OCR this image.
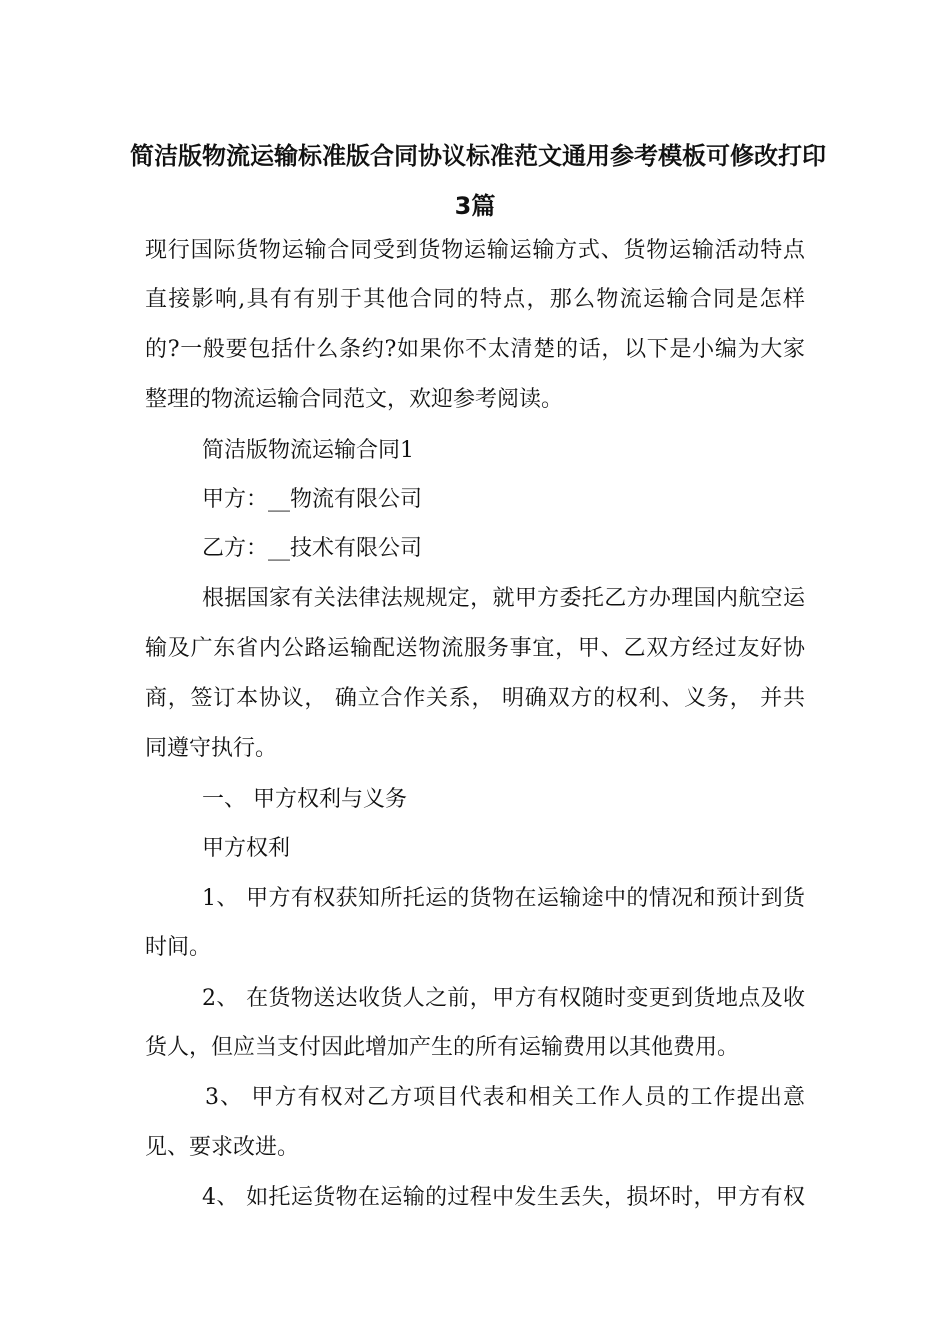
简洁版物流运输标准版合同协议标准范文通用参考模板可修改打印
3篇
现行国际货物运输合同受到货物运输运输方式、货物运输活动特点
直接影响,具有有别于其他合同的特点，那么物流运输合同是怎样
的?一般要包括什么条约?如果你不太清楚的话，以下是小编为大家
整理的物流运输合同范文，欢迎参考阅读。
简洁版物流运输合同1
甲方：__物流有限公司
乙方：__技术有限公司
根据国家有关法律法规规定，就甲方委托乙方办理国内航空运
输及广东省内公路运输配送物流服务事宜，甲、乙双方经过友好协
商，签订本协议， 确立合作关系， 明确双方的权利、义务， 并共
同遵守执行。
一、 甲方权利与义务
甲方权利
1、 甲方有权获知所托运的货物在运输途中的情况和预计到货
时间。
2、 在货物送达收货人之前，甲方有权随时变更到货地点及收
货人，但应当支付因此增加产生的所有运输费用以其他费用。
3、 甲方有权对乙方项目代表和相关工作人员的工作提出意
见、要求改进。
4、 如托运货物在运输的过程中发生丢失，损坏时，甲方有权
